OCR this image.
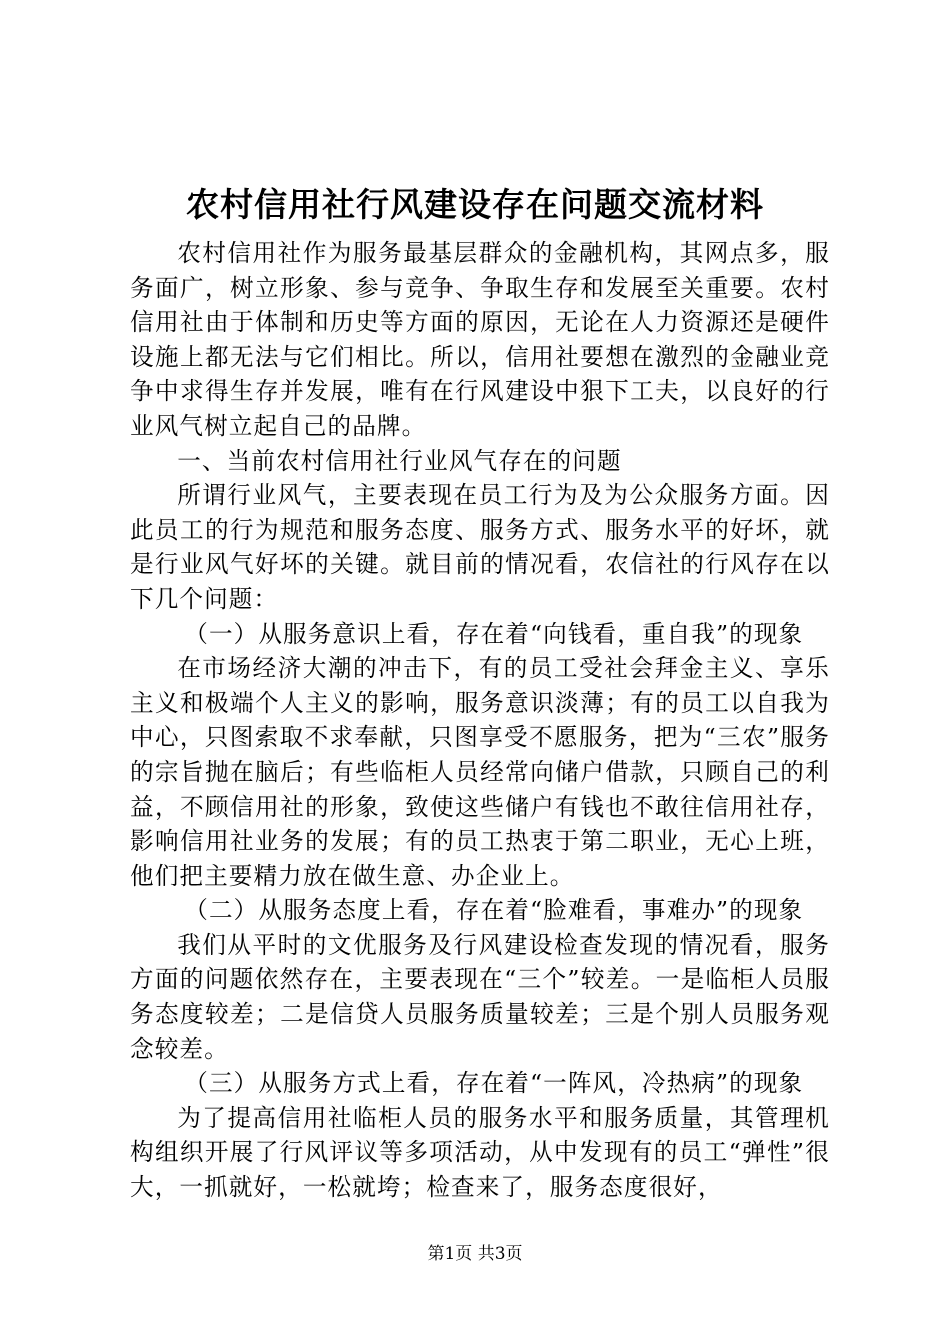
农村信用社行风建设存在问题交流材料

农村信用社作为服务最基层群众的金融机构，其网点多，服务面广，树立形象、参与竞争、争取生存和发展至关重要。农村信用社由于体制和历史等方面的原因，无论在人力资源还是硬件设施上都无法与它们相比。所以，信用社要想在激烈的金融业竞争中求得生存并发展，唯有在行风建设中狠下工夫，以良好的行业风气树立起自己的品牌。

一、当前农村信用社行业风气存在的问题

所谓行业风气，主要表现在员工行为及为公众服务方面。因此员工的行为规范和服务态度、服务方式、服务水平的好坏，就是行业风气好坏的关键。就目前的情况看，农信社的行风存在以下几个问题：

（一）从服务意识上看，存在着“向钱看，重自我”的现象

在市场经济大潮的冲击下，有的员工受社会拜金主义、享乐主义和极端个人主义的影响，服务意识淡薄；有的员工以自我为中心，只图索取不求奉献，只图享受不愿服务，把为“三农”服务的宗旨抛在脑后；有些临柜人员经常向储户借款，只顾自己的利益，不顾信用社的形象，致使这些储户有钱也不敢往信用社存，影响信用社业务的发展；有的员工热衷于第二职业，无心上班，他们把主要精力放在做生意、办企业上。

（二）从服务态度上看，存在着“脸难看，事难办”的现象

我们从平时的文优服务及行风建设检查发现的情况看，服务方面的问题依然存在，主要表现在“三个”较差。一是临柜人员服务态度较差；二是信贷人员服务质量较差；三是个别人员服务观念较差。

（三）从服务方式上看，存在着“一阵风，冷热病”的现象

为了提高信用社临柜人员的服务水平和服务质量，其管理机构组织开展了行风评议等多项活动，从中发现有的员工“弹性”很大，一抓就好，一松就垮；检查来了，服务态度很好，

第1页 共3页
